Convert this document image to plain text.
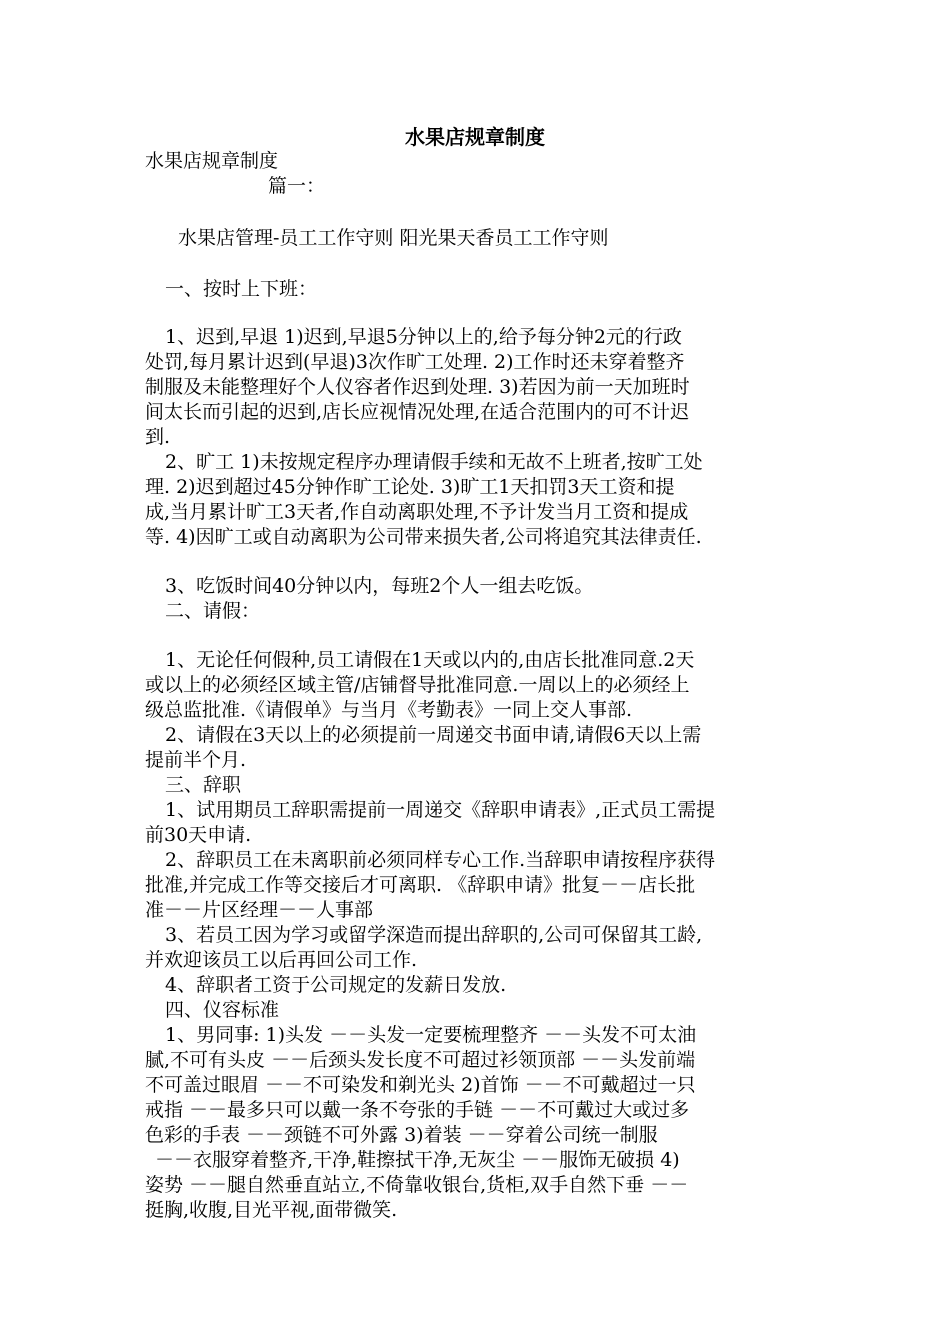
水果店规章制度
水果店规章制度
篇一：
水果店管理-员工工作守则 阳光果天香员工工作守则
一、按时上下班：
1、迟到,早退 1)迟到,早退5分钟以上的,给予每分钟2元的行政
处罚,每月累计迟到(早退)3次作旷工处理. 2)工作时还未穿着整齐
制服及未能整理好个人仪容者作迟到处理. 3)若因为前一天加班时
间太长而引起的迟到,店长应视情况处理,在适合范围内的可不计迟
到.
2、旷工 1)未按规定程序办理请假手续和无故不上班者,按旷工处
理. 2)迟到超过45分钟作旷工论处. 3)旷工1天扣罚3天工资和提
成,当月累计旷工3天者,作自动离职处理,不予计发当月工资和提成
等. 4)因旷工或自动离职为公司带来损失者,公司将追究其法律责任.
3、吃饭时间40分钟以内，每班2个人一组去吃饭。
二、请假：
1、无论任何假种,员工请假在1天或以内的,由店长批准同意.2天
或以上的必须经区域主管/店铺督导批准同意.一周以上的必须经上
级总监批准.《请假单》与当月《考勤表》一同上交人事部.
2、请假在3天以上的必须提前一周递交书面申请,请假6天以上需
提前半个月.
三、辞职
1、试用期员工辞职需提前一周递交《辞职申请表》,正式员工需提
前30天申请.
2、辞职员工在未离职前必须同样专心工作.当辞职申请按程序获得
批准,并完成工作等交接后才可离职. 《辞职申请》批复－－店长批
准－－片区经理－－人事部
3、若员工因为学习或留学深造而提出辞职的,公司可保留其工龄,
并欢迎该员工以后再回公司工作.
4、辞职者工资于公司规定的发薪日发放.
四、仪容标准
1、男同事: 1)头发 －－头发一定要梳理整齐 －－头发不可太油
腻,不可有头皮 －－后颈头发长度不可超过衫领顶部 －－头发前端
不可盖过眼眉 －－不可染发和剃光头 2)首饰 －－不可戴超过一只
戒指 －－最多只可以戴一条不夸张的手链 －－不可戴过大或过多
色彩的手表 －－颈链不可外露 3)着装 －－穿着公司统一制服
－－衣服穿着整齐,干净,鞋擦拭干净,无灰尘 －－服饰无破损 4)
姿势 －－腿自然垂直站立,不倚靠收银台,货柜,双手自然下垂 －－
挺胸,收腹,目光平视,面带微笑.
